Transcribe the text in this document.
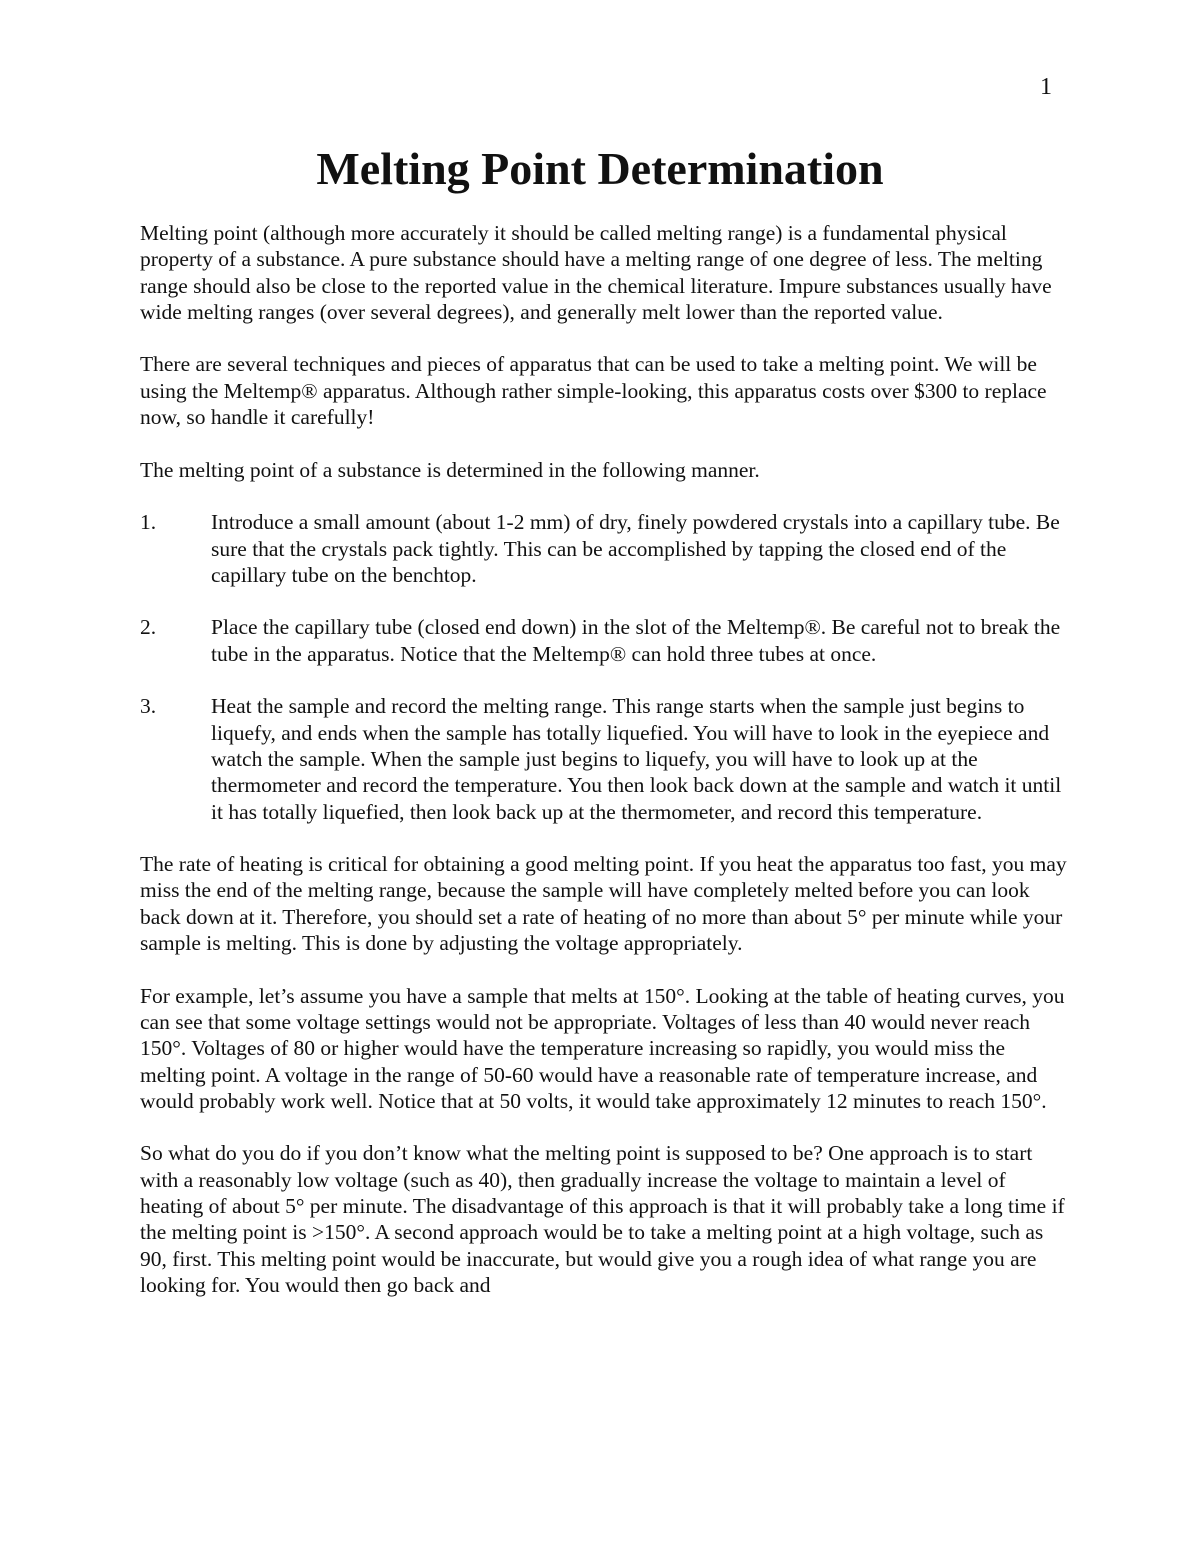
1
Melting Point Determination

Melting point (although more accurately it should be called melting range) is a fundamental physical property of a substance. A pure substance should have a melting range of one degree of less. The melting range should also be close to the reported value in the chemical literature. Impure substances usually have wide melting ranges (over several degrees), and generally melt lower than the reported value.

There are several techniques and pieces of apparatus that can be used to take a melting point. We will be using the Meltemp® apparatus. Although rather simple-looking, this apparatus costs over $300 to replace now, so handle it carefully!

The melting point of a substance is determined in the following manner.

1.	Introduce a small amount (about 1-2 mm) of dry, finely powdered crystals into a capillary tube. Be sure that the crystals pack tightly. This can be accomplished by tapping the closed end of the capillary tube on the benchtop.
2.	Place the capillary tube (closed end down) in the slot of the Meltemp®. Be careful not to break the tube in the apparatus. Notice that the Meltemp® can hold three tubes at once.
3.	Heat the sample and record the melting range. This range starts when the sample just begins to liquefy, and ends when the sample has totally liquefied. You will have to look in the eyepiece and watch the sample. When the sample just begins to liquefy, you will have to look up at the thermometer and record the temperature. You then look back down at the sample and watch it until it has totally liquefied, then look back up at the thermometer, and record this temperature.

The rate of heating is critical for obtaining a good melting point. If you heat the apparatus too fast, you may miss the end of the melting range, because the sample will have completely melted before you can look back down at it. Therefore, you should set a rate of heating of no more than about 5° per minute while your sample is melting. This is done by adjusting the voltage appropriately.

For example, let’s assume you have a sample that melts at 150°. Looking at the table of heating curves, you can see that some voltage settings would not be appropriate. Voltages of less than 40 would never reach 150°. Voltages of 80 or higher would have the temperature increasing so rapidly, you would miss the melting point. A voltage in the range of 50-60 would have a reasonable rate of temperature increase, and would probably work well. Notice that at 50 volts, it would take approximately 12 minutes to reach 150°.

So what do you do if you don’t know what the melting point is supposed to be? One approach is to start with a reasonably low voltage (such as 40), then gradually increase the voltage to maintain a level of heating of about 5° per minute. The disadvantage of this approach is that it will probably take a long time if the melting point is >150°. A second approach would be to take a melting point at a high voltage, such as 90, first. This melting point would be inaccurate, but would give you a rough idea of what range you are looking for. You would then go back and
